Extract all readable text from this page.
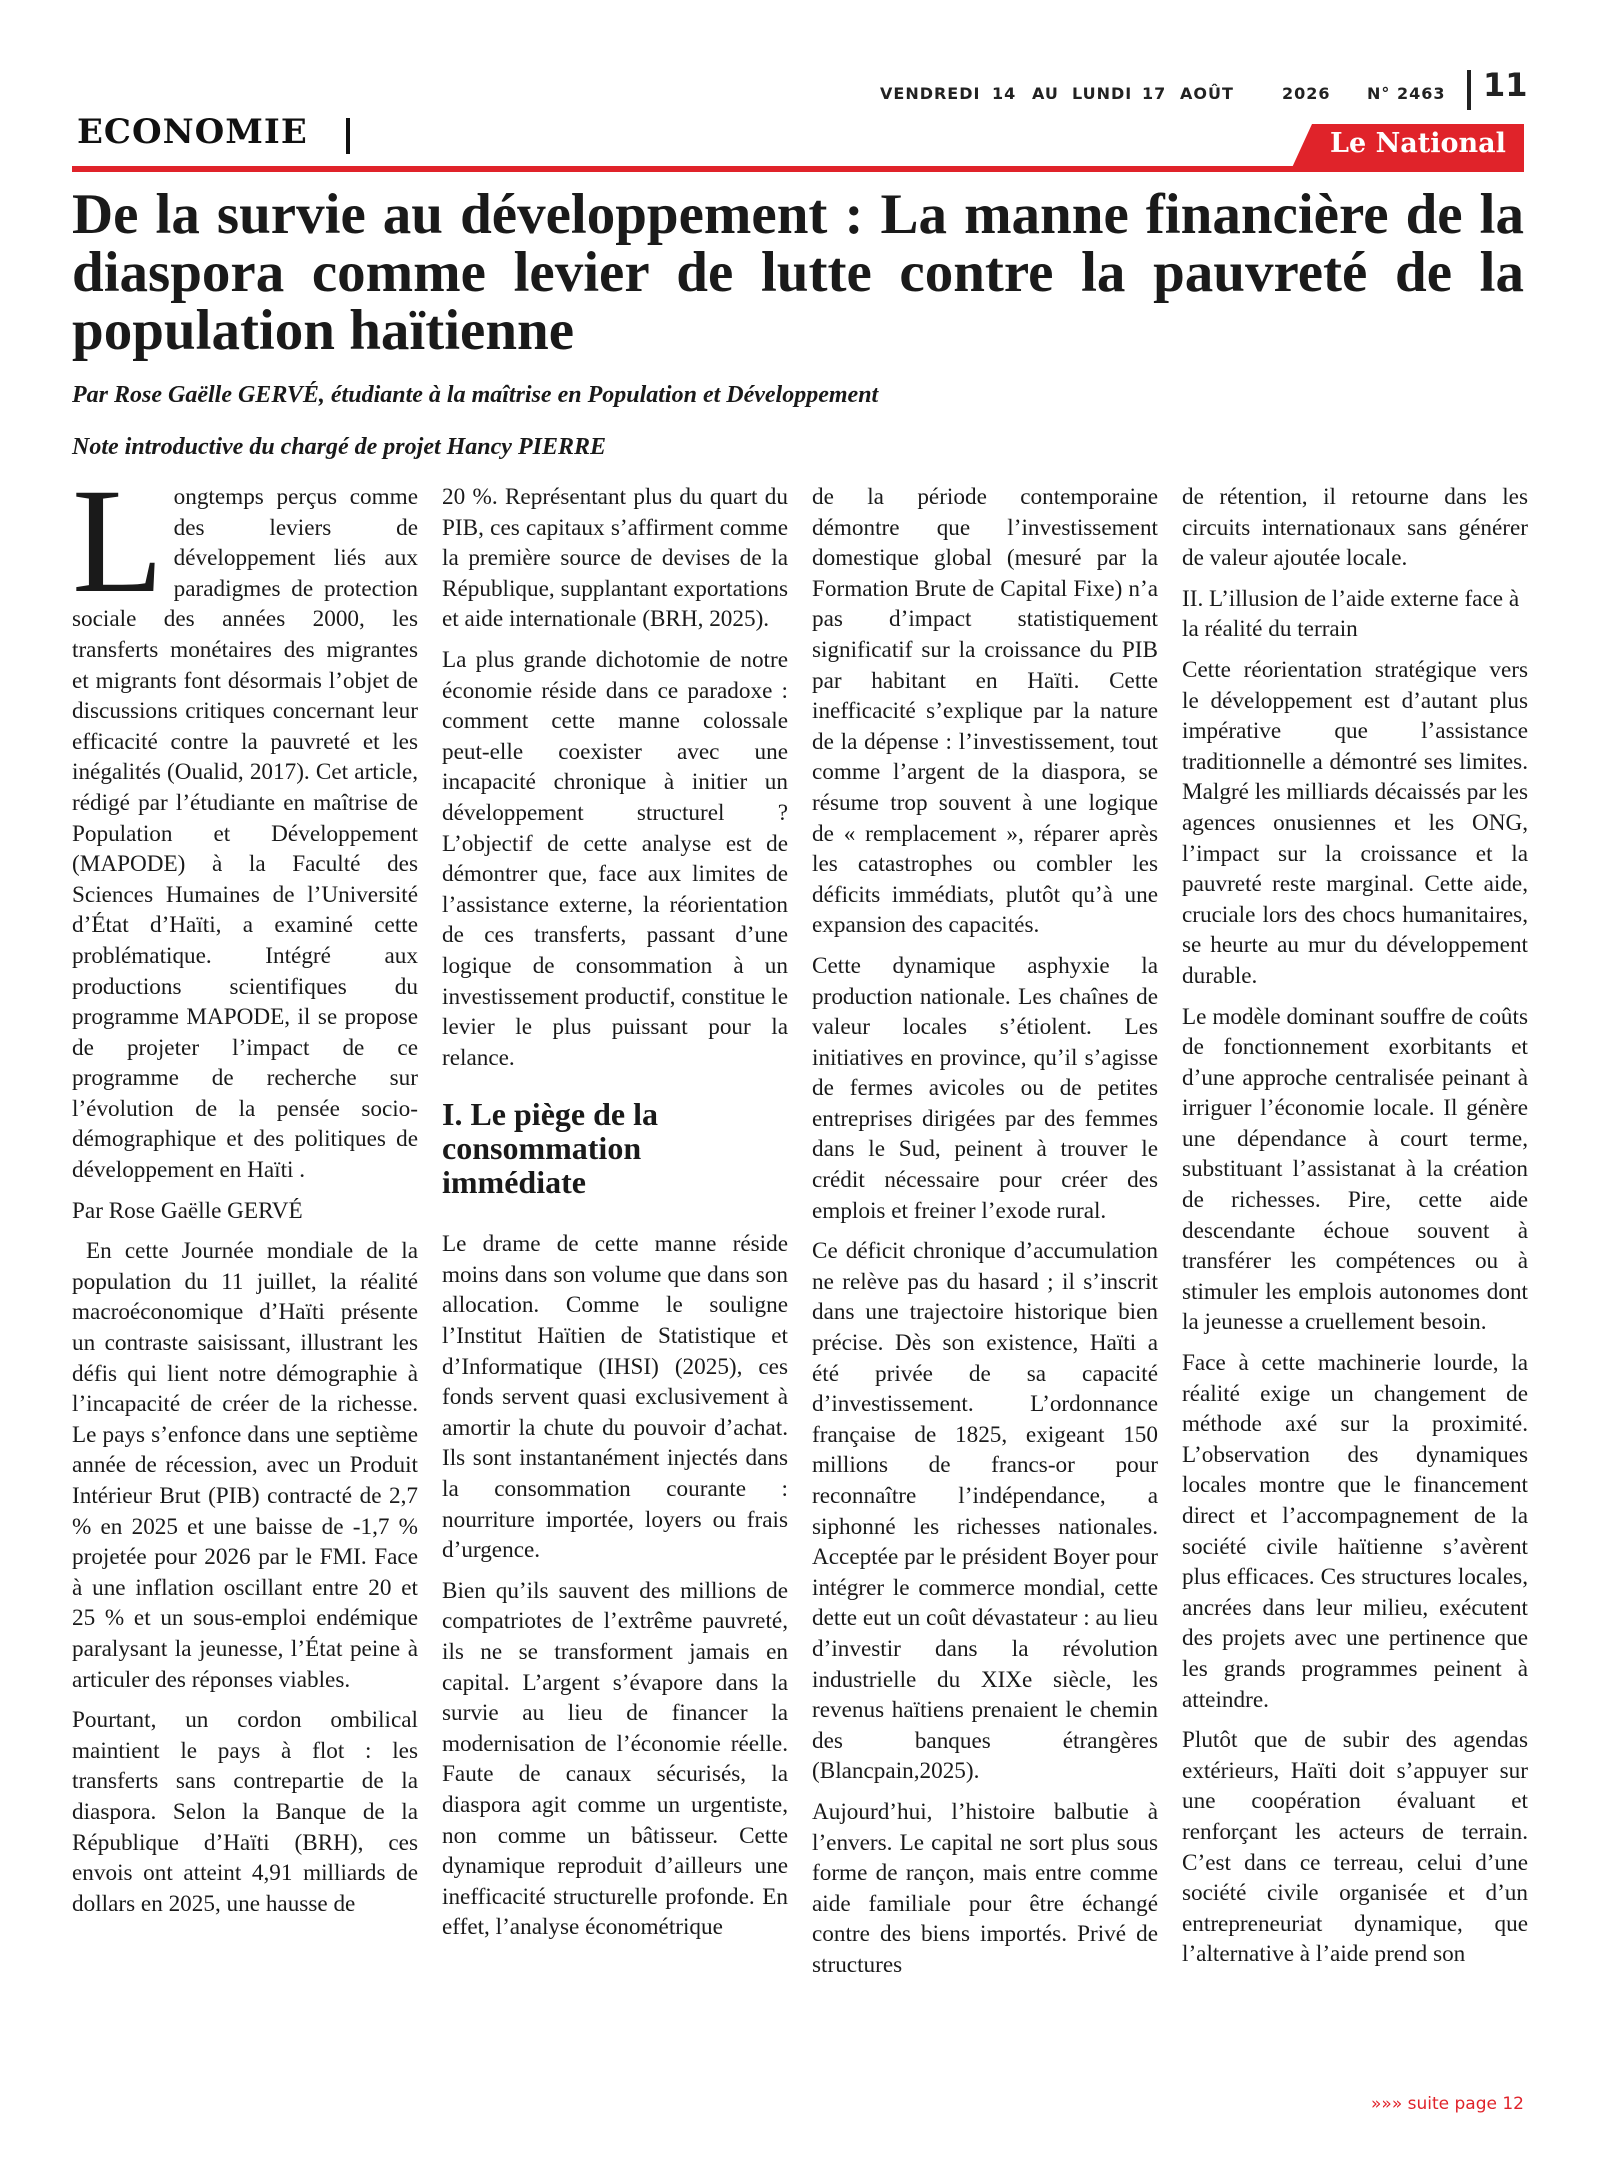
VENDREDI 14 AU LUNDI 17 AOÛT	2026 N° 2463 11
ECONOMIE	Le National
De la survie au développement : La manne financière de la diaspora comme levier de lutte contre la pauvreté de la population haïtienne
Par Rose Gaëlle GERVÉ, étudiante à la maîtrise en Population et Développement
Note introductive du chargé de projet Hancy PIERRE

L ongtemps perçus comme des leviers de développement liés aux paradigmes de protection sociale des années 2000, les transferts monétaires des migrantes et migrants font désormais l’objet de discussions critiques concernant leur efficacité contre la pauvreté et les inégalités (Oualid, 2017). Cet article, rédigé par l’étudiante en maîtrise de Population et Développement (MAPODE) à la Faculté des Sciences Humaines de l’Université d’État d’Haïti, a examiné cette problématique. Intégré aux productions scientifiques du programme MAPODE, il se propose de projeter l’impact de ce programme de recherche sur l’évolution de la pensée socio-démographique et des politiques de développement en Haïti .

Par Rose Gaëlle GERVÉ

En cette Journée mondiale de la population du 11 juillet, la réalité macroéconomique d’Haïti présente un contraste saisissant, illustrant les défis qui lient notre démographie à l’incapacité de créer de la richesse. Le pays s’enfonce dans une septième année de récession, avec un Produit Intérieur Brut (PIB) contracté de 2,7 % en 2025 et une baisse de -1,7 % projetée pour 2026 par le FMI. Face à une inflation oscillant entre 20 et 25 % et un sous-emploi endémique paralysant la jeunesse, l’État peine à articuler des réponses viables.

Pourtant, un cordon ombilical maintient le pays à flot : les transferts sans contrepartie de la diaspora. Selon la Banque de la République d’Haïti (BRH), ces envois ont atteint 4,91 milliards de dollars en 2025, une hausse de

20 %. Représentant plus du quart du PIB, ces capitaux s’affirment comme la première source de devises de la République, supplantant exportations et aide internationale (BRH, 2025).

La plus grande dichotomie de notre économie réside dans ce paradoxe : comment cette manne colossale peut-elle coexister avec une incapacité chronique à initier un développement structurel ? L’objectif de cette analyse est de démontrer que, face aux limites de l’assistance externe, la réorientation de ces transferts, passant d’une logique de consommation à un investissement productif, constitue le levier le plus puissant pour la relance.

I. Le piège de la consommation immédiate

Le drame de cette manne réside moins dans son volume que dans son allocation. Comme le souligne l’Institut Haïtien de Statistique et d’Informatique (IHSI) (2025), ces fonds servent quasi exclusivement à amortir la chute du pouvoir d’achat. Ils sont instantanément injectés dans la consommation courante : nourriture importée, loyers ou frais d’urgence.

Bien qu’ils sauvent des millions de compatriotes de l’extrême pauvreté, ils ne se transforment jamais en capital. L’argent s’évapore dans la survie au lieu de financer la modernisation de l’économie réelle. Faute de canaux sécurisés, la diaspora agit comme un urgentiste, non comme un bâtisseur. Cette dynamique reproduit d’ailleurs une inefficacité structurelle profonde. En effet, l’analyse économétrique

de la période contemporaine démontre que l’investissement domestique global (mesuré par la Formation Brute de Capital Fixe) n’a pas d’impact statistiquement significatif sur la croissance du PIB par habitant en Haïti. Cette inefficacité s’explique par la nature de la dépense : l’investissement, tout comme l’argent de la diaspora, se résume trop souvent à une logique de « remplacement », réparer après les catastrophes ou combler les déficits immédiats, plutôt qu’à une expansion des capacités.

Cette dynamique asphyxie la production nationale. Les chaînes de valeur locales s’étiolent. Les initiatives en province, qu’il s’agisse de fermes avicoles ou de petites entreprises dirigées par des femmes dans le Sud, peinent à trouver le crédit nécessaire pour créer des emplois et freiner l’exode rural.

Ce déficit chronique d’accumulation ne relève pas du hasard ; il s’inscrit dans une trajectoire historique bien précise. Dès son existence, Haïti a été privée de sa capacité d’investissement. L’ordonnance française de 1825, exigeant 150 millions de francs-or pour reconnaître l’indépendance, a siphonné les richesses nationales. Acceptée par le président Boyer pour intégrer le commerce mondial, cette dette eut un coût dévastateur : au lieu d’investir dans la révolution industrielle du XIXe siècle, les revenus haïtiens prenaient le chemin des banques étrangères (Blancpain,2025).

Aujourd’hui, l’histoire balbutie à l’envers. Le capital ne sort plus sous forme de rançon, mais entre comme aide familiale pour être échangé contre des biens importés. Privé de structures

de rétention, il retourne dans les circuits internationaux sans générer de valeur ajoutée locale.

II. L’illusion de l’aide externe face à la réalité du terrain

Cette réorientation stratégique vers le développement est d’autant plus impérative que l’assistance traditionnelle a démontré ses limites. Malgré les milliards décaissés par les agences onusiennes et les ONG, l’impact sur la croissance et la pauvreté reste marginal. Cette aide, cruciale lors des chocs humanitaires, se heurte au mur du développement durable.

Le modèle dominant souffre de coûts de fonctionnement exorbitants et d’une approche centralisée peinant à irriguer l’économie locale. Il génère une dépendance à court terme, substituant l’assistanat à la création de richesses. Pire, cette aide descendante échoue souvent à transférer les compétences ou à stimuler les emplois autonomes dont la jeunesse a cruellement besoin.

Face à cette machinerie lourde, la réalité exige un changement de méthode axé sur la proximité. L’observation des dynamiques locales montre que le financement direct et l’accompagnement de la société civile haïtienne s’avèrent plus efficaces. Ces structures locales, ancrées dans leur milieu, exécutent des projets avec une pertinence que les grands programmes peinent à atteindre.

Plutôt que de subir des agendas extérieurs, Haïti doit s’appuyer sur une coopération évaluant et renforçant les acteurs de terrain. C’est dans ce terreau, celui d’une société civile organisée et d’un entrepreneuriat dynamique, que l’alternative à l’aide prend son

»»» suite page 12
